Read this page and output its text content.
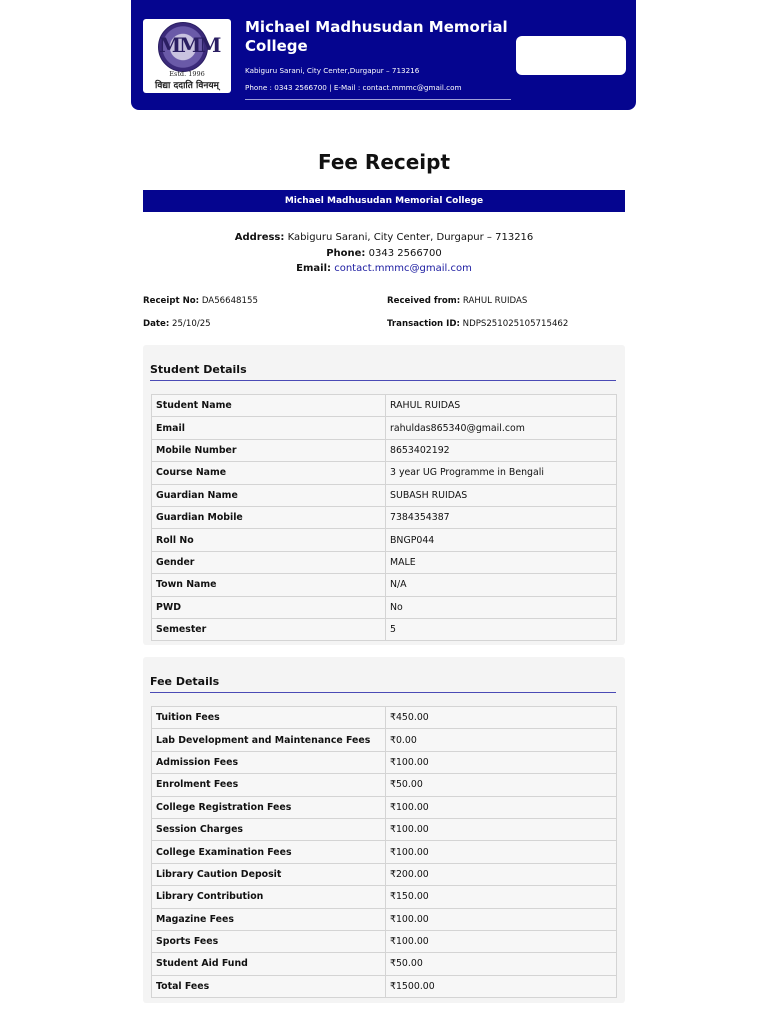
MMM
Estd. 1996
विद्या ददाति विनयम्
Michael Madhusudan Memorial College
Kabiguru Sarani, City Center,Durgapur – 713216
Phone : 0343 2566700 | E-Mail : contact.mmmc@gmail.com
Fee Receipt
Michael Madhusudan Memorial College
Address: Kabiguru Sarani, City Center, Durgapur – 713216
Phone: 0343 2566700
Email: contact.mmmc@gmail.com
Receipt No: DA56648155	Received from: RAHUL RUIDAS
Date: 25/10/25	Transaction ID: NDPS251025105715462
Student Details
Student Name	RAHUL RUIDAS
Email	rahuldas865340@gmail.com
Mobile Number	8653402192
Course Name	3 year UG Programme in Bengali
Guardian Name	SUBASH RUIDAS
Guardian Mobile	7384354387
Roll No	BNGP044
Gender	MALE
Town Name	N/A
PWD	No
Semester	5
Fee Details
Tuition Fees	₹450.00
Lab Development and Maintenance Fees	₹0.00
Admission Fees	₹100.00
Enrolment Fees	₹50.00
College Registration Fees	₹100.00
Session Charges	₹100.00
College Examination Fees	₹100.00
Library Caution Deposit	₹200.00
Library Contribution	₹150.00
Magazine Fees	₹100.00
Sports Fees	₹100.00
Student Aid Fund	₹50.00
Total Fees	₹1500.00
